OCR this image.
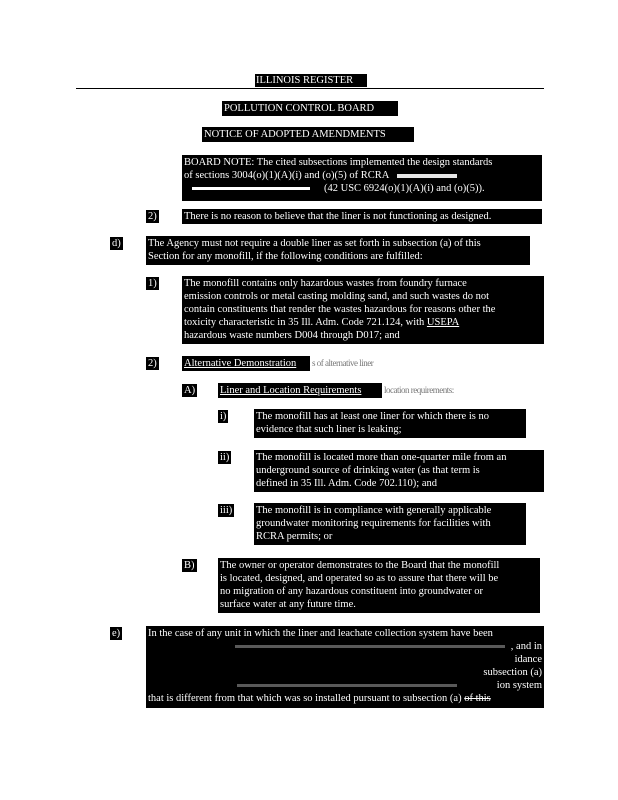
ILLINOIS REGISTER
POLLUTION CONTROL BOARD
NOTICE OF ADOPTED AMENDMENTS
BOARD NOTE: The cited subsections implemented the design standards
of sections 3004(o)(1)(A)(i) and (o)(5) of RCRA
(42 USC 6924(o)(1)(A)(i) and (o)(5)).
2)	There is no reason to believe that the liner is not functioning as designed.
d)	The Agency must not require a double liner as set forth in subsection (a) of this
Section for any monofill, if the following conditions are fulfilled:
1)	The monofill contains only hazardous wastes from foundry furnace
emission controls or metal casting molding sand, and such wastes do not
contain constituents that render the wastes hazardous for reasons other the
toxicity characteristic in 35 Ill. Adm. Code 721.124, with USEPA
hazardous waste numbers D004 through D017; and
2)	Alternative Demonstration	s of alternative liner
A) Liner and Location Requirements	location requirements:
i)	The monofill has at least one liner for which there is no
evidence that such liner is leaking;
ii)	The monofill is located more than one-quarter mile from an
underground source of drinking water (as that term is
defined in 35 Ill. Adm. Code 702.110); and
iii) The monofill is in compliance with generally applicable
groundwater monitoring requirements for facilities with
RCRA permits; or
B) The owner or operator demonstrates to the Board that the monofill
is located, designed, and operated so as to assure that there will be
no migration of any hazardous constituent into groundwater or
surface water at any future time.
e)	In the case of any unit in which the liner and leachate collection system have been
, and in
idance
subsection (a)
ion system
that is different from that which was so installed pursuant to subsection (a) of this
